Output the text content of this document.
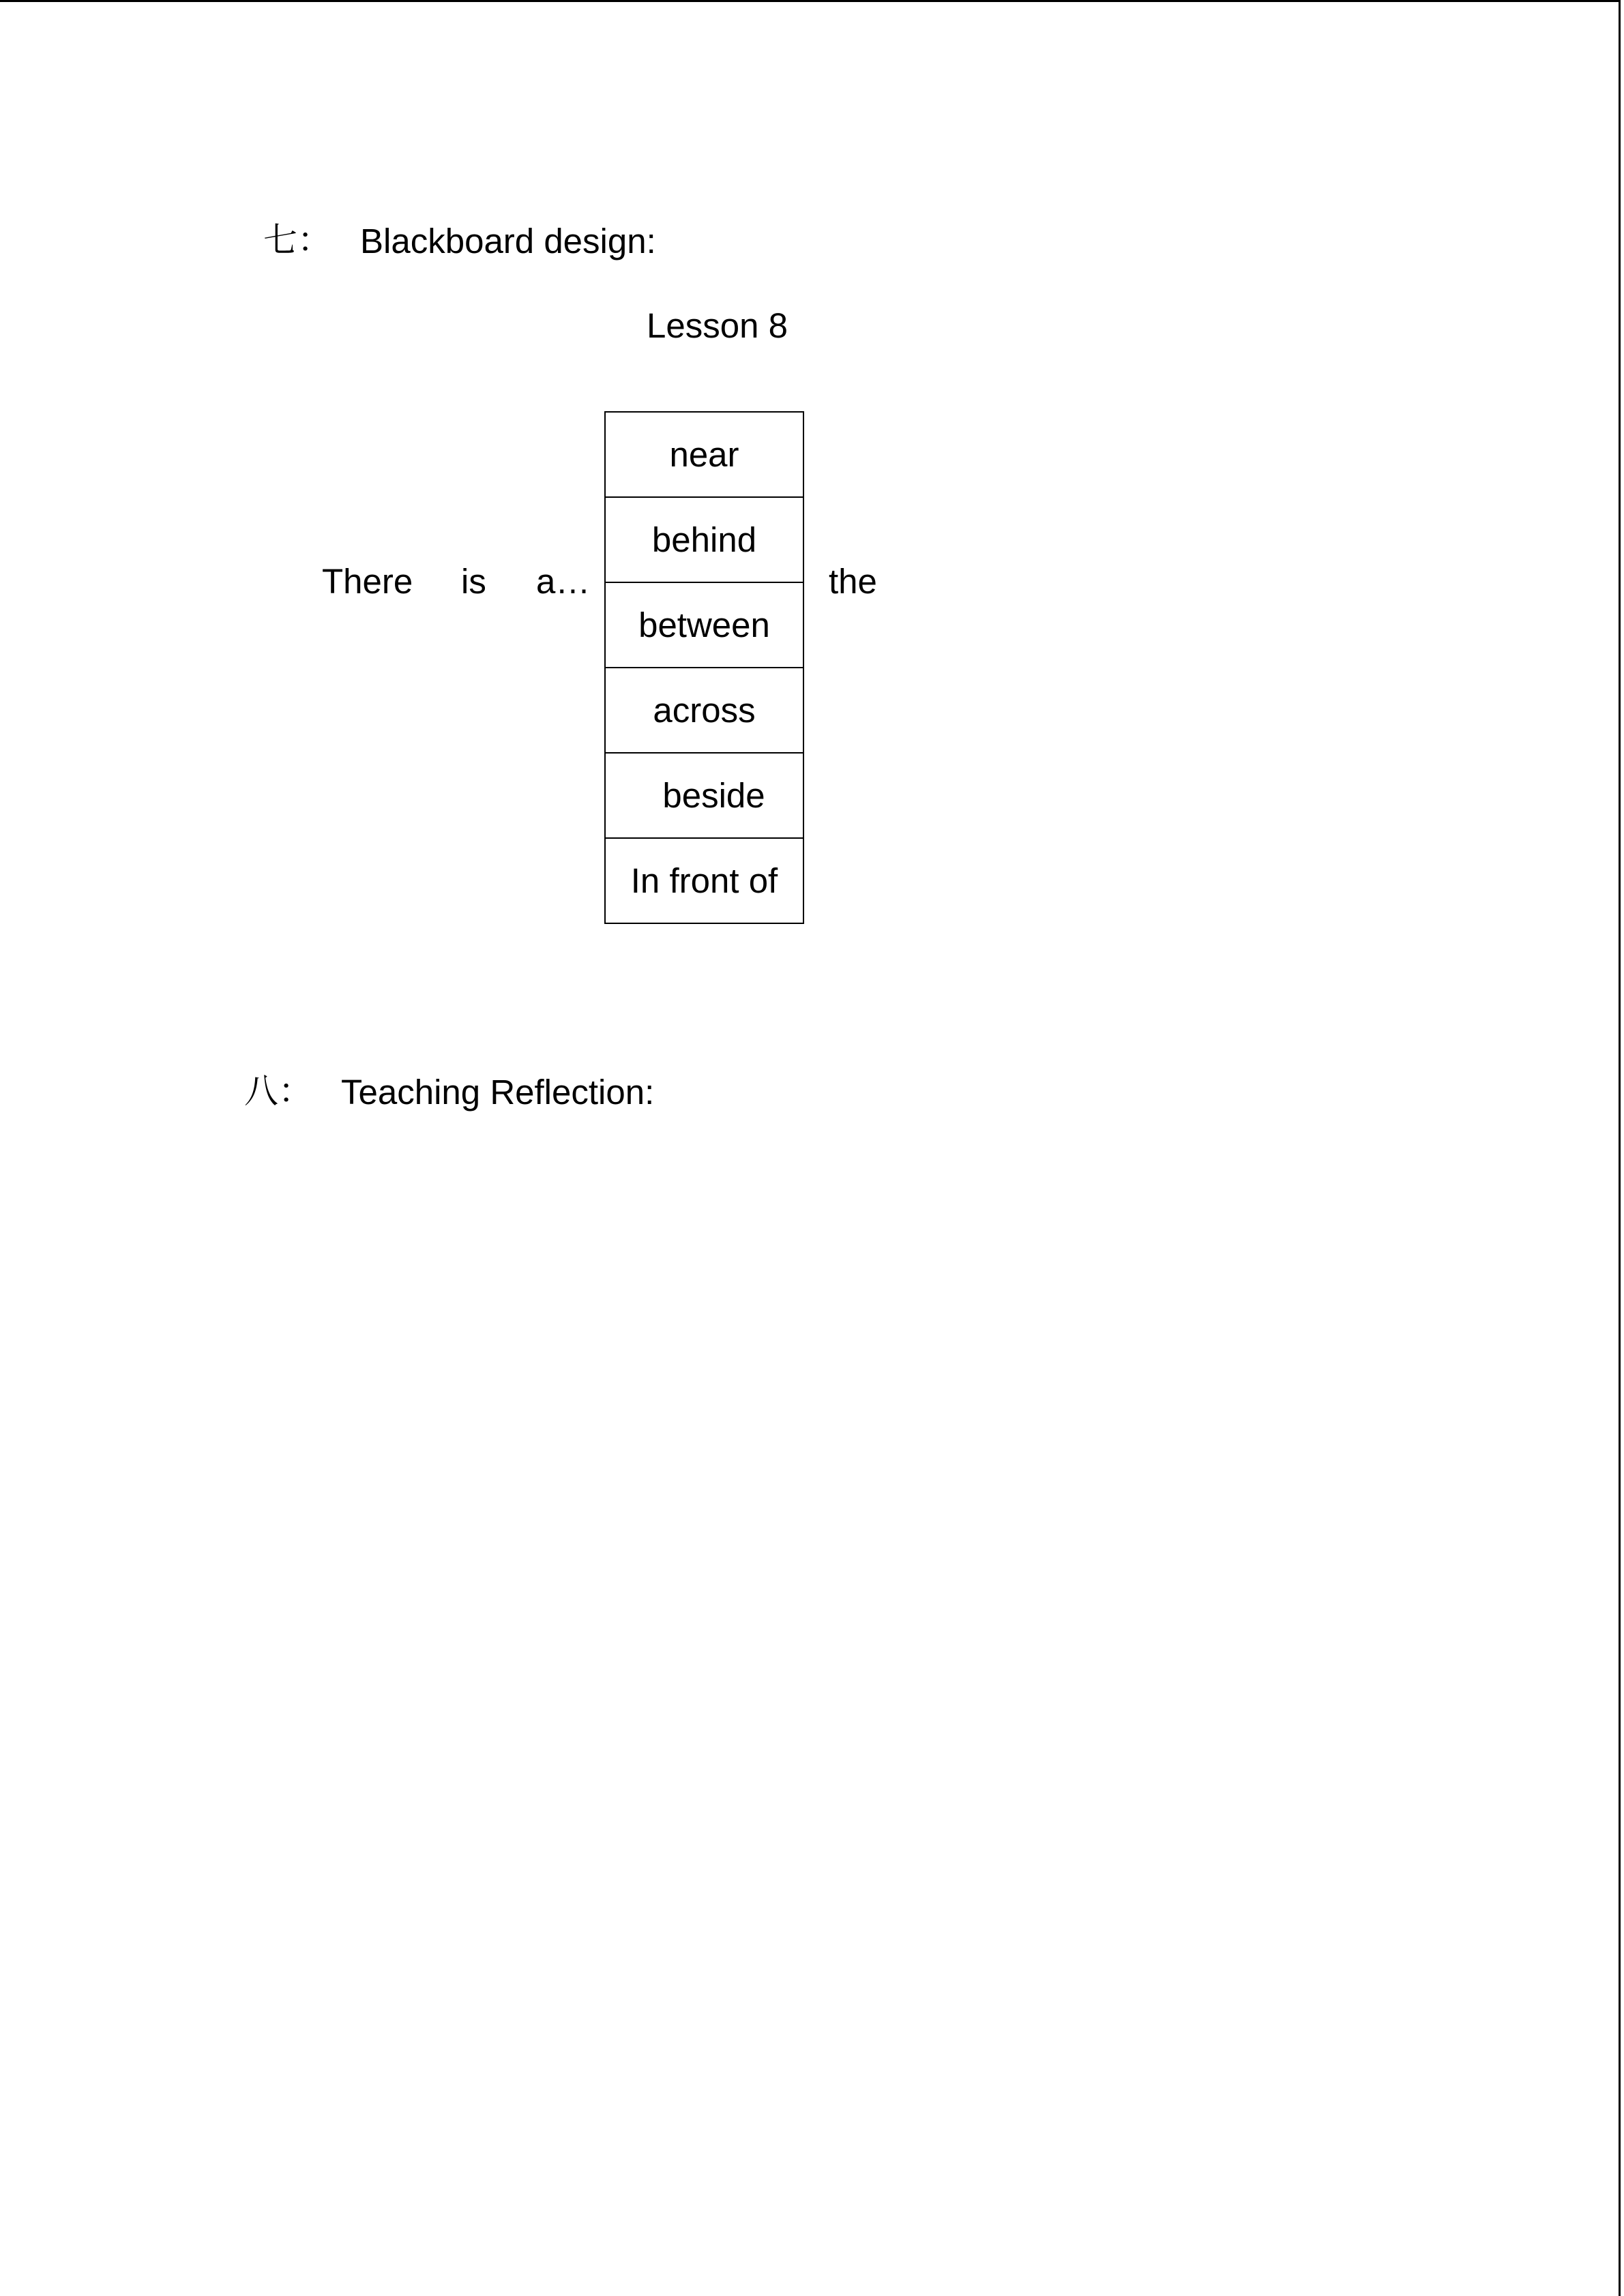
七： Blackboard design:
Lesson 8
There is a…
near
behind
between
across
beside
In front of
the
八： Teaching Reflection:
